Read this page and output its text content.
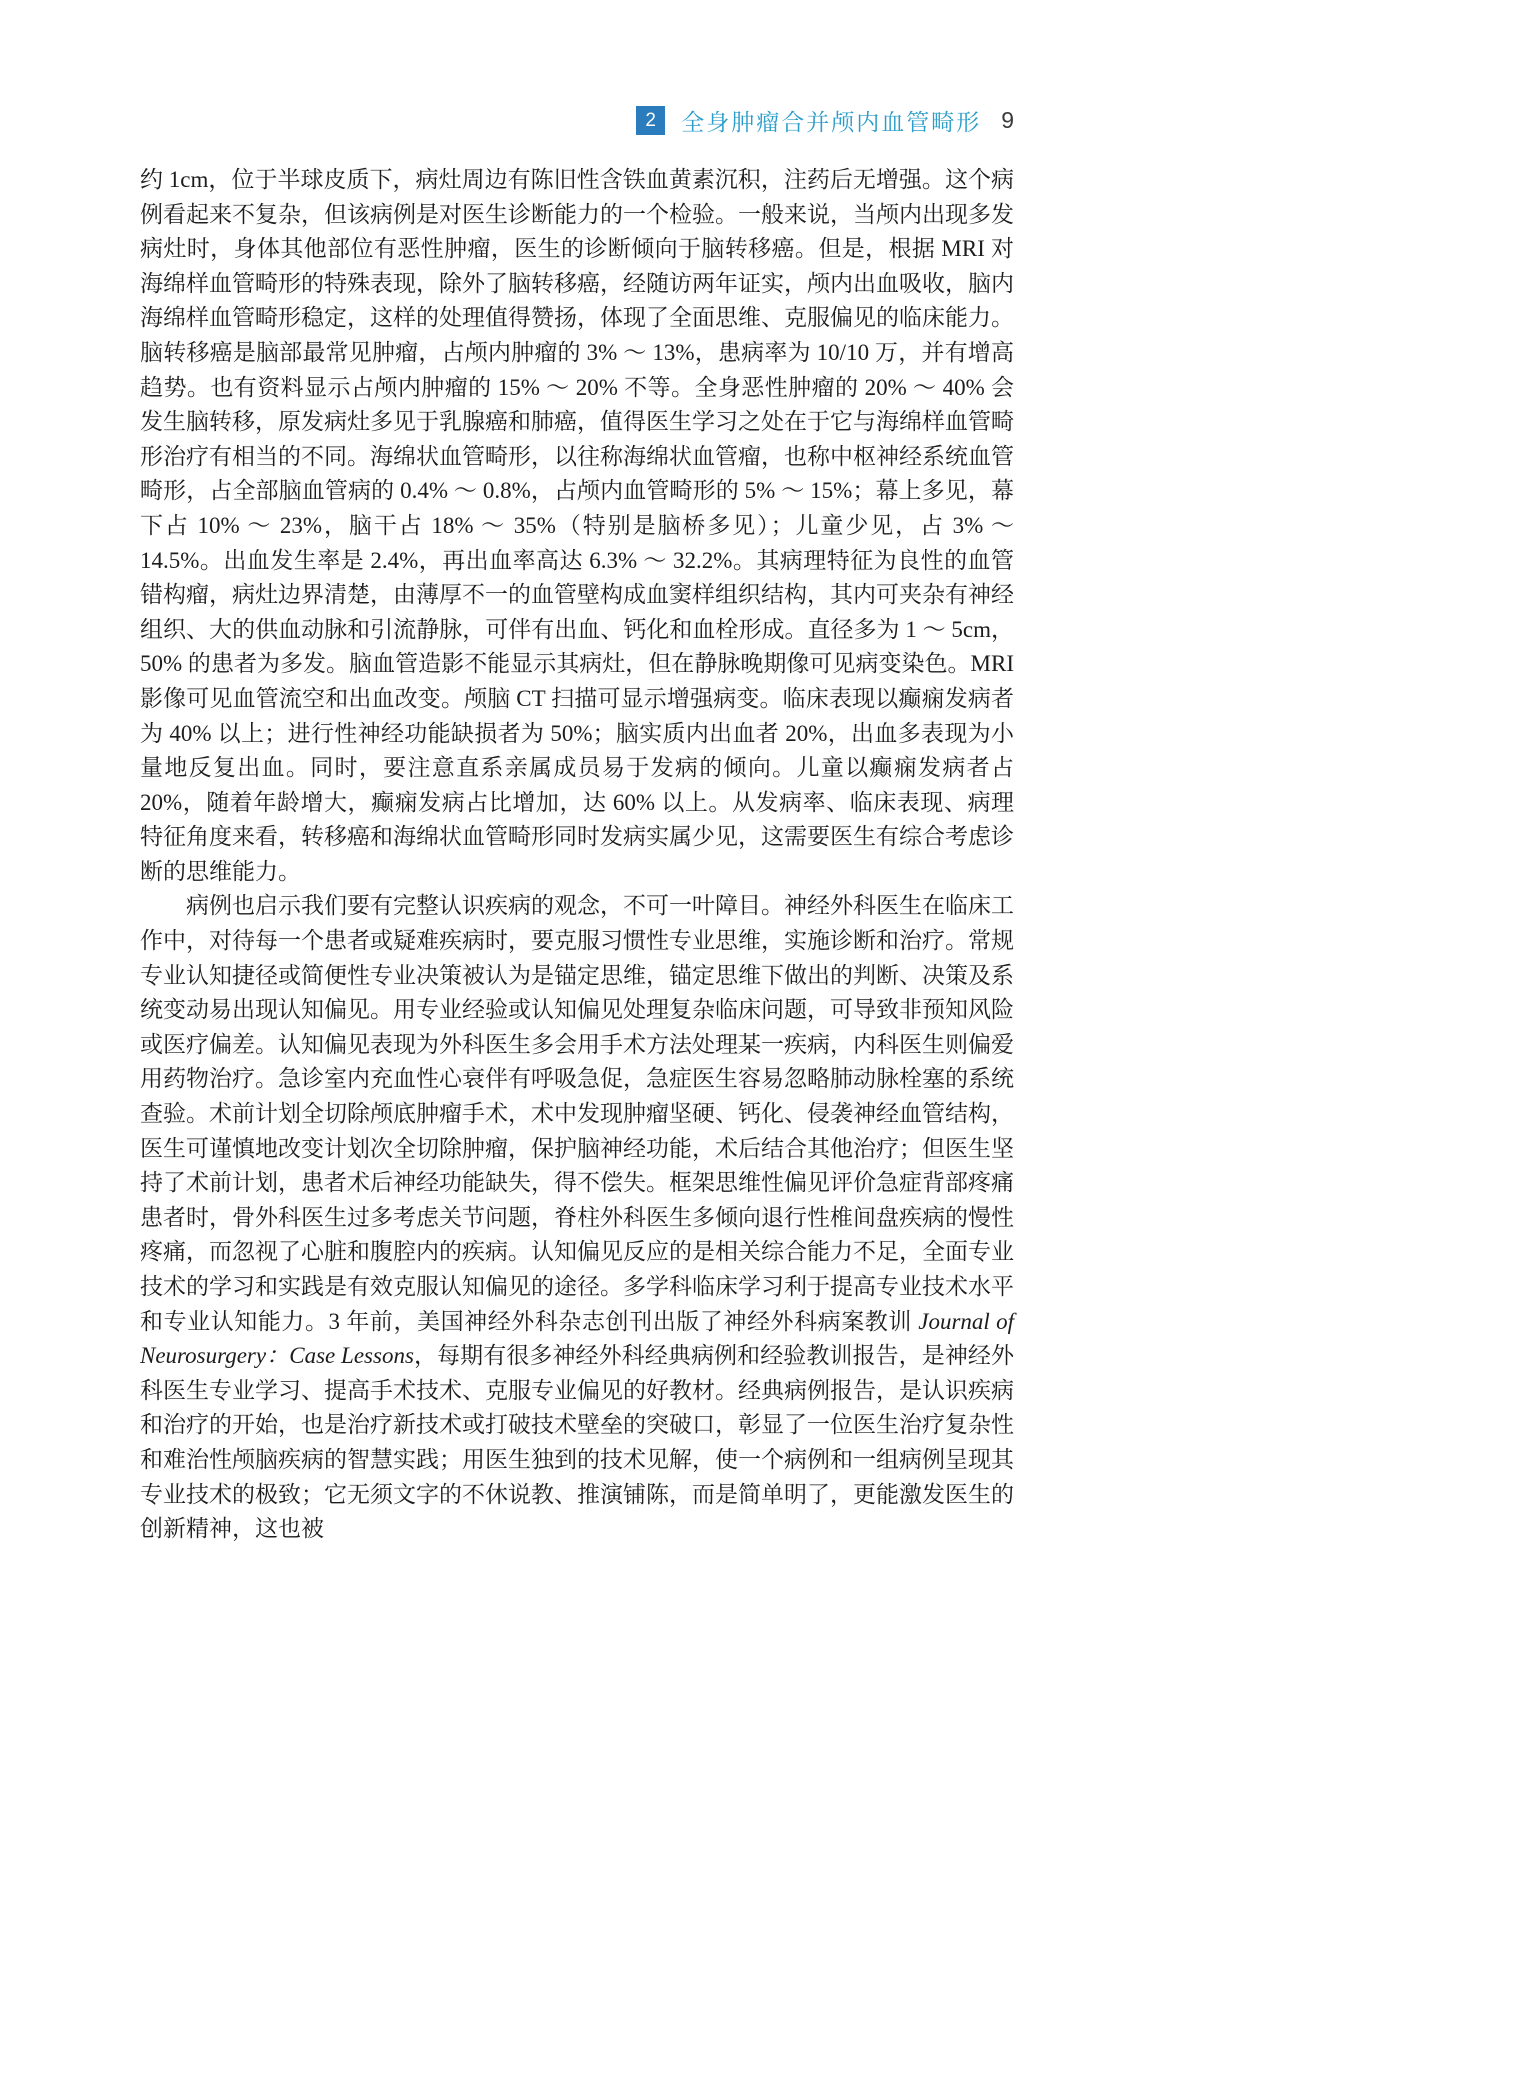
2	全身肿瘤合并颅内血管畸形 9

约 1cm，位于半球皮质下，病灶周边有陈旧性含铁血黄素沉积，注药后无增强。这个病例看起来不复杂，但该病例是对医生诊断能力的一个检验。一般来说，当颅内出现多发病灶时，身体其他部位有恶性肿瘤，医生的诊断倾向于脑转移癌。但是，根据 MRI 对海绵样血管畸形的特殊表现，除外了脑转移癌，经随访两年证实，颅内出血吸收，脑内海绵样血管畸形稳定，这样的处理值得赞扬，体现了全面思维、克服偏见的临床能力。脑转移癌是脑部最常见肿瘤，占颅内肿瘤的 3% ～ 13%，患病率为 10/10 万，并有增高趋势。也有资料显示占颅内肿瘤的 15% ～ 20% 不等。全身恶性肿瘤的 20% ～ 40% 会发生脑转移，原发病灶多见于乳腺癌和肺癌，值得医生学习之处在于它与海绵样血管畸形治疗有相当的不同。海绵状血管畸形，以往称海绵状血管瘤，也称中枢神经系统血管畸形，占全部脑血管病的 0.4% ～ 0.8%，占颅内血管畸形的 5% ～ 15%；幕上多见，幕下占 10% ～ 23%，脑干占 18% ～ 35%（特别是脑桥多见）；儿童少见，占 3% ～ 14.5%。出血发生率是 2.4%，再出血率高达 6.3% ～ 32.2%。其病理特征为良性的血管错构瘤，病灶边界清楚，由薄厚不一的血管壁构成血窦样组织结构，其内可夹杂有神经组织、大的供血动脉和引流静脉，可伴有出血、钙化和血栓形成。直径多为 1 ～ 5cm，50% 的患者为多发。脑血管造影不能显示其病灶，但在静脉晚期像可见病变染色。MRI 影像可见血管流空和出血改变。颅脑 CT 扫描可显示增强病变。临床表现以癫痫发病者为 40% 以上；进行性神经功能缺损者为 50%；脑实质内出血者 20%，出血多表现为小量地反复出血。同时，要注意直系亲属成员易于发病的倾向。儿童以癫痫发病者占 20%，随着年龄增大，癫痫发病占比增加，达 60% 以上。从发病率、临床表现、病理特征角度来看，转移癌和海绵状血管畸形同时发病实属少见，这需要医生有综合考虑诊断的思维能力。

病例也启示我们要有完整认识疾病的观念，不可一叶障目。神经外科医生在临床工作中，对待每一个患者或疑难疾病时，要克服习惯性专业思维，实施诊断和治疗。常规专业认知捷径或简便性专业决策被认为是锚定思维，锚定思维下做出的判断、决策及系统变动易出现认知偏见。用专业经验或认知偏见处理复杂临床问题，可导致非预知风险或医疗偏差。认知偏见表现为外科医生多会用手术方法处理某一疾病，内科医生则偏爱用药物治疗。急诊室内充血性心衰伴有呼吸急促，急症医生容易忽略肺动脉栓塞的系统查验。术前计划全切除颅底肿瘤手术，术中发现肿瘤坚硬、钙化、侵袭神经血管结构，医生可谨慎地改变计划次全切除肿瘤，保护脑神经功能，术后结合其他治疗；但医生坚持了术前计划，患者术后神经功能缺失，得不偿失。框架思维性偏见评价急症背部疼痛患者时，骨外科医生过多考虑关节问题，脊柱外科医生多倾向退行性椎间盘疾病的慢性疼痛，而忽视了心脏和腹腔内的疾病。认知偏见反应的是相关综合能力不足，全面专业技术的学习和实践是有效克服认知偏见的途径。多学科临床学习利于提高专业技术水平和专业认知能力。3 年前，美国神经外科杂志创刊出版了神经外科病案教训 Journal of Neurosurgery：Case Lessons，每期有很多神经外科经典病例和经验教训报告，是神经外科医生专业学习、提高手术技术、克服专业偏见的好教材。经典病例报告，是认识疾病和治疗的开始，也是治疗新技术或打破技术壁垒的突破口，彰显了一位医生治疗复杂性和难治性颅脑疾病的智慧实践；用医生独到的技术见解，使一个病例和一组病例呈现其专业技术的极致；它无须文字的不休说教、推演铺陈，而是简单明了，更能激发医生的创新精神，这也被
